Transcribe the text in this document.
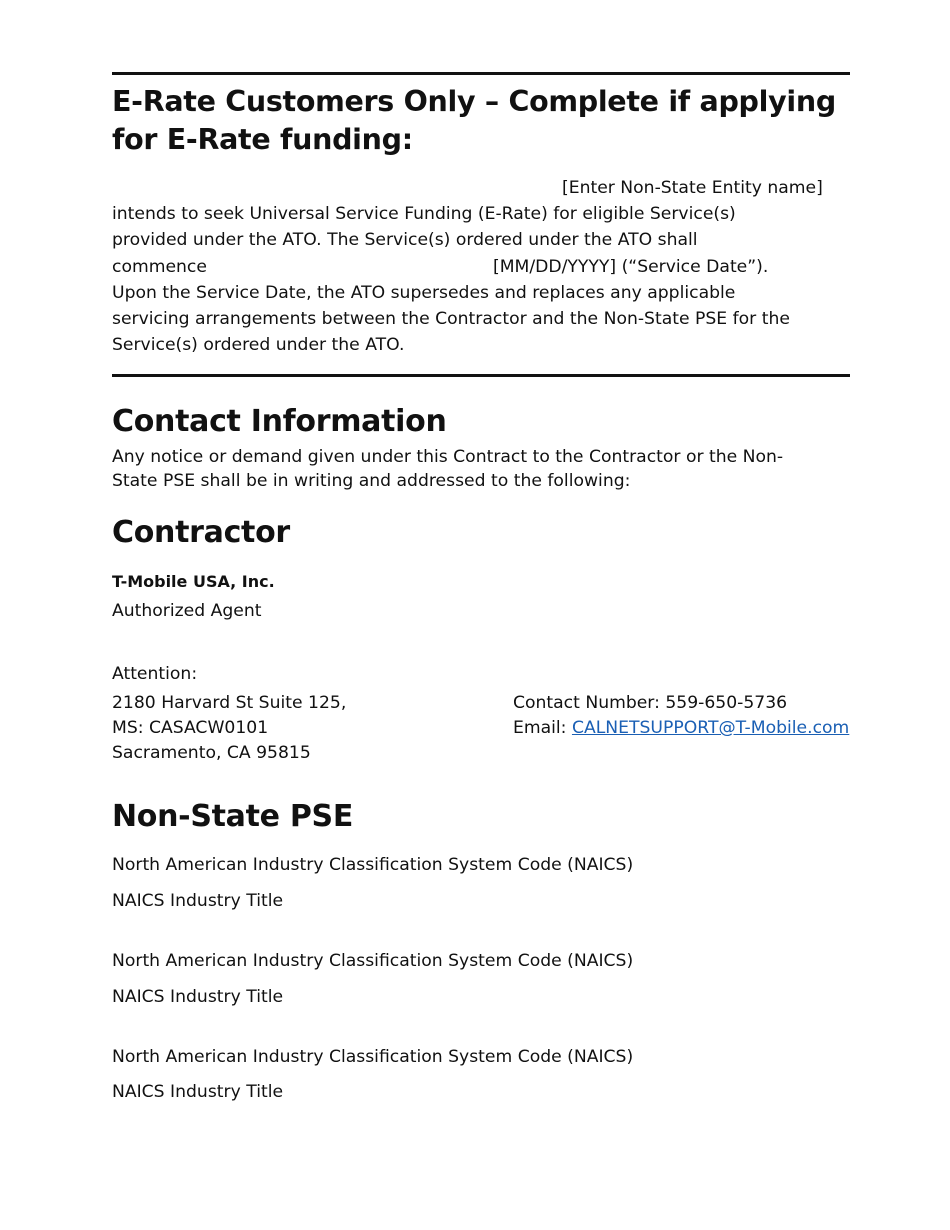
E-Rate Customers Only – Complete if applying for E-Rate funding:
[Enter Non-State Entity name]
intends to seek Universal Service Funding (E-Rate) for eligible Service(s)
provided under the ATO. The Service(s) ordered under the ATO shall
commence	[MM/DD/YYYY] (“Service Date”).
Upon the Service Date, the ATO supersedes and replaces any applicable
servicing arrangements between the Contractor and the Non-State PSE for the
Service(s) ordered under the ATO.
Contact Information
Any notice or demand given under this Contract to the Contractor or the Non-
State PSE shall be in writing and addressed to the following:
Contractor
T-Mobile USA, Inc.
Authorized Agent
Attention:
2180 Harvard St Suite 125,
MS: CASACW0101
Sacramento, CA 95815
Contact Number: 559-650-5736
Email: CALNETSUPPORT@T-Mobile.com
Non-State PSE
North American Industry Classification System Code (NAICS)
NAICS Industry Title
North American Industry Classification System Code (NAICS)
NAICS Industry Title
North American Industry Classification System Code (NAICS)
NAICS Industry Title
